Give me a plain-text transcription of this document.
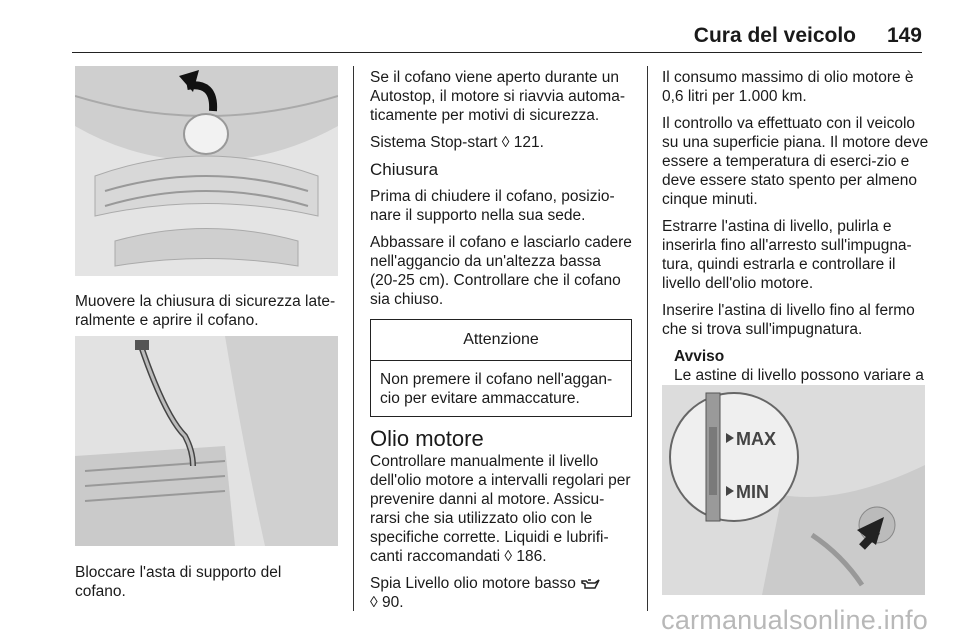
Cura del veicolo 149

Muovere la chiusura di sicurezza late-ralmente e aprire il cofano.

Bloccare l'asta di supporto del cofano.

Se il cofano viene aperto durante un Autostop, il motore si riavvia automa-ticamente per motivi di sicurezza.

Sistema Stop-start ◊ 121.

Chiusura

Prima di chiudere il cofano, posizio-nare il supporto nella sua sede.

Abbassare il cofano e lasciarlo cadere nell'aggancio da un'altezza bassa (20-25 cm). Controllare che il cofano sia chiuso.

Attenzione
Non premere il cofano nell'aggan-cio per evitare ammaccature.
Olio motore

Controllare manualmente il livello dell'olio motore a intervalli regolari per prevenire danni al motore. Assicu-rarsi che sia utilizzato olio con le specifiche corrette. Liquidi e lubrifi-canti raccomandati ◊ 186.

Spia Livello olio motore basso

◊ 90.

Il consumo massimo di olio motore è 0,6 litri per 1.000 km.

Il controllo va effettuato con il veicolo su una superficie piana. Il motore deve essere a temperatura di eserci-zio e deve essere stato spento per almeno cinque minuti.

Estrarre l'astina di livello, pulirla e inserirla fino all'arresto sull'impugna-tura, quindi estrarla e controllare il livello dell'olio motore.

Inserire l'astina di livello fino al fermo che si trova sull'impugnatura.

Avviso
Le astine di livello possono variare a
MAX
MIN
carmanualsonline.info
